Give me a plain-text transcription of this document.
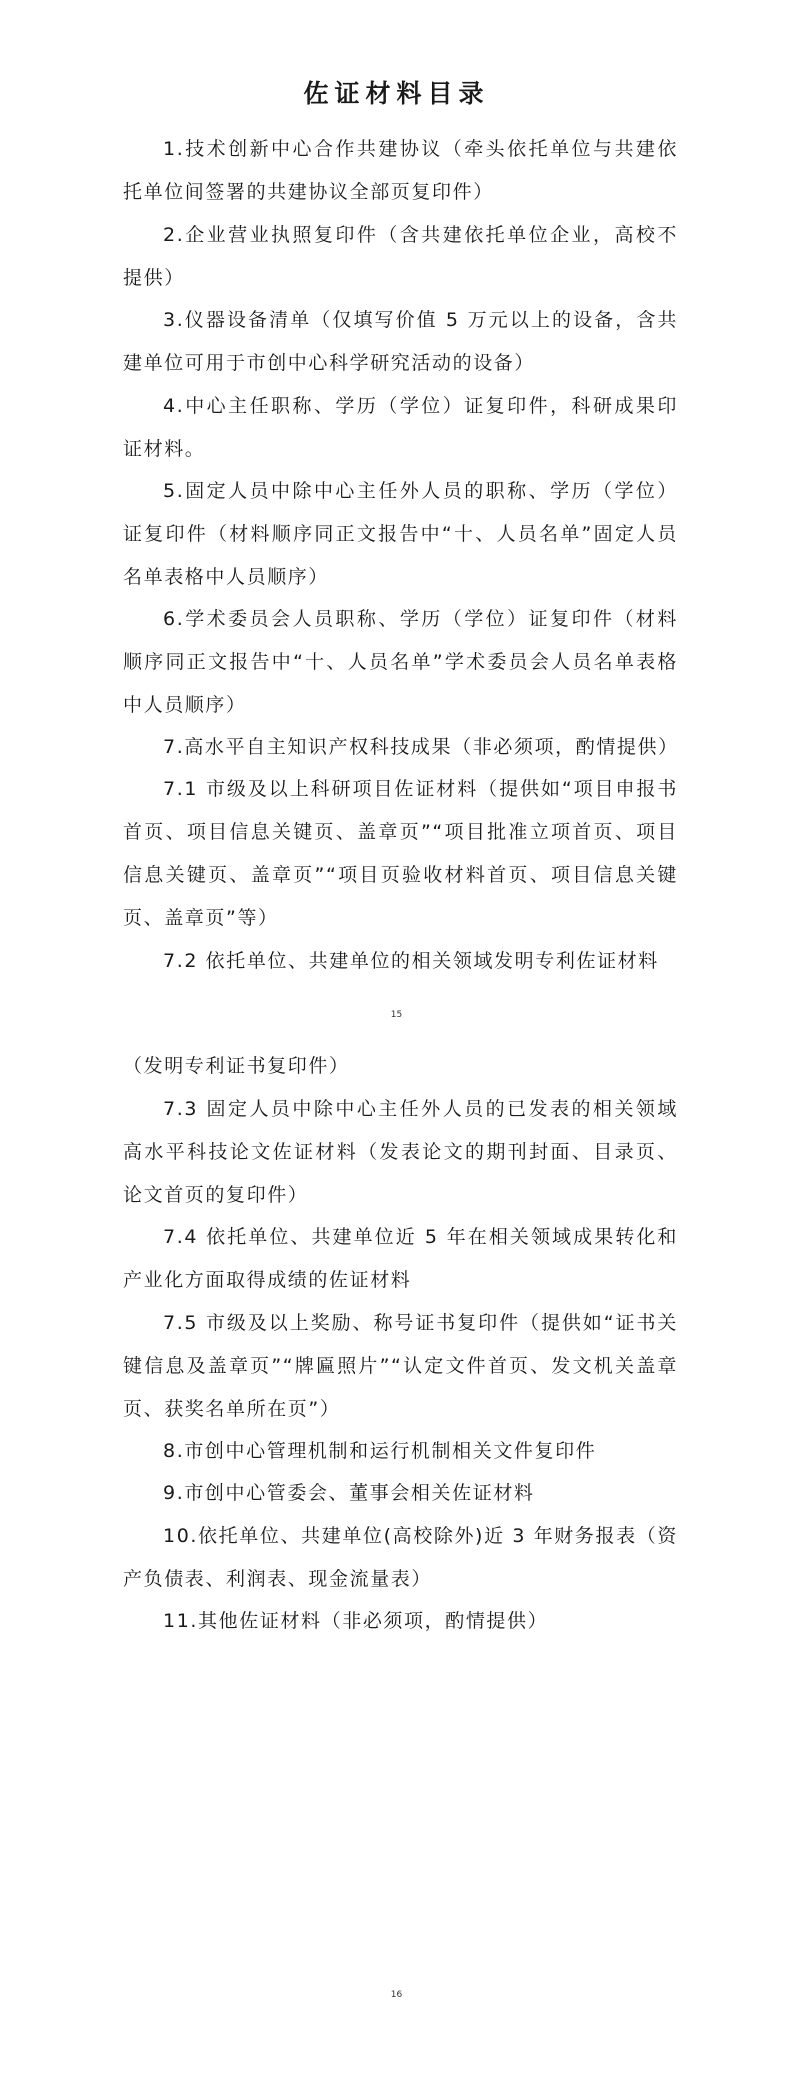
佐证材料目录

1.技术创新中心合作共建协议（牵头依托单位与共建依托单位间签署的共建协议全部页复印件）

2.企业营业执照复印件（含共建依托单位企业，高校不提供）

3.仪器设备清单（仅填写价值 5 万元以上的设备，含共建单位可用于市创中心科学研究活动的设备）

4.中心主任职称、学历（学位）证复印件，科研成果印证材料。

5.固定人员中除中心主任外人员的职称、学历（学位）证复印件（材料顺序同正文报告中“十、人员名单”固定人员名单表格中人员顺序）

6.学术委员会人员职称、学历（学位）证复印件（材料顺序同正文报告中“十、人员名单”学术委员会人员名单表格中人员顺序）

7.高水平自主知识产权科技成果（非必须项，酌情提供）

7.1 市级及以上科研项目佐证材料（提供如“项目申报书首页、项目信息关键页、盖章页”“项目批准立项首页、项目信息关键页、盖章页”“项目页验收材料首页、项目信息关键页、盖章页”等）

7.2 依托单位、共建单位的相关领域发明专利佐证材料

15

（发明专利证书复印件）

7.3 固定人员中除中心主任外人员的已发表的相关领域高水平科技论文佐证材料（发表论文的期刊封面、目录页、论文首页的复印件）

7.4 依托单位、共建单位近 5 年在相关领域成果转化和产业化方面取得成绩的佐证材料

7.5 市级及以上奖励、称号证书复印件（提供如“证书关键信息及盖章页”“牌匾照片”“认定文件首页、发文机关盖章页、获奖名单所在页”）

8.市创中心管理机制和运行机制相关文件复印件

9.市创中心管委会、董事会相关佐证材料

10.依托单位、共建单位(高校除外)近 3 年财务报表（资产负债表、利润表、现金流量表）

11.其他佐证材料（非必须项，酌情提供）

16
